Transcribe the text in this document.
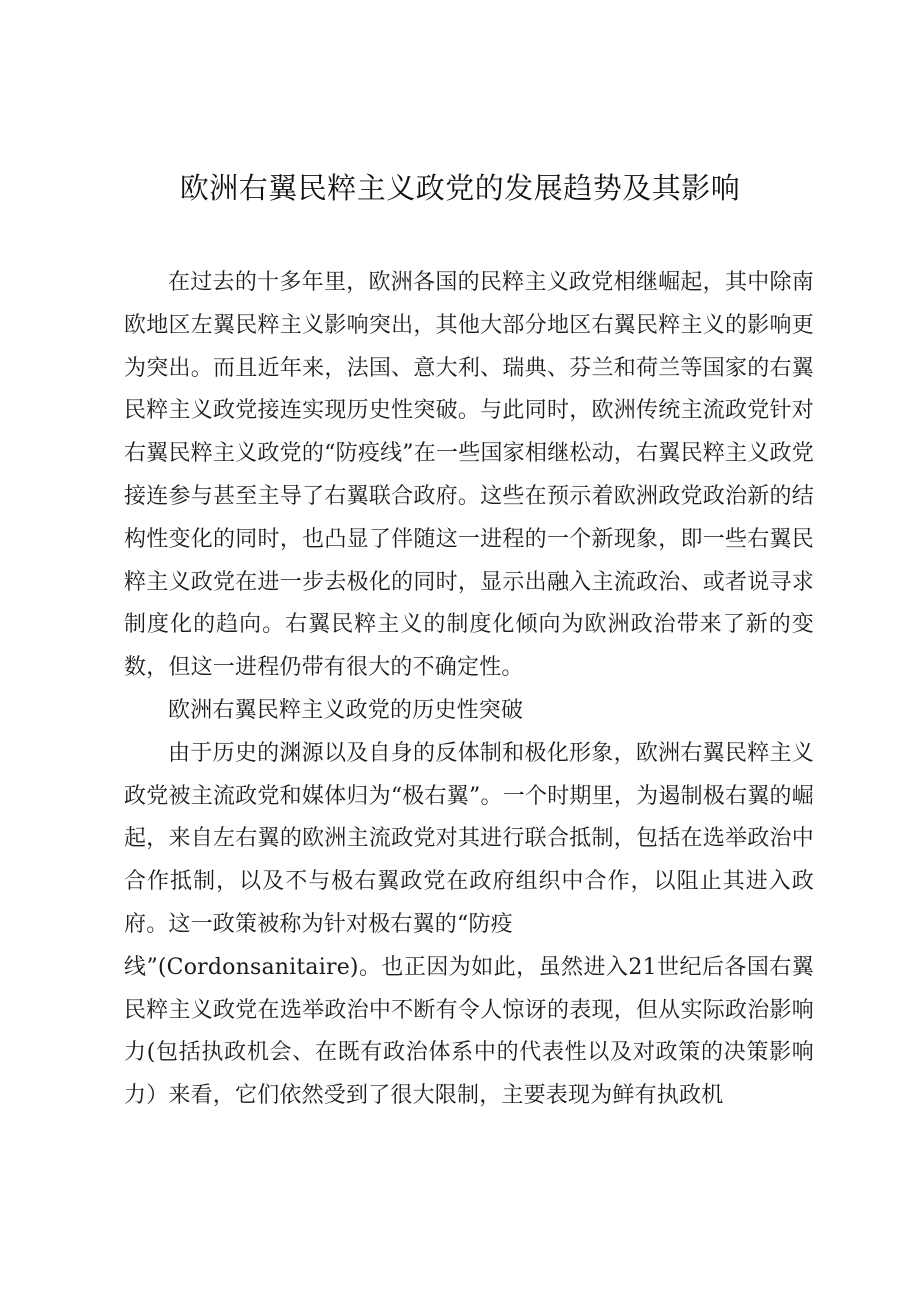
欧洲右翼民粹主义政党的发展趋势及其影响

在过去的十多年里，欧洲各国的民粹主义政党相继崛起，其中除南欧地区左翼民粹主义影响突出，其他大部分地区右翼民粹主义的影响更为突出。而且近年来，法国、意大利、瑞典、芬兰和荷兰等国家的右翼民粹主义政党接连实现历史性突破。与此同时，欧洲传统主流政党针对右翼民粹主义政党的“防疫线”在一些国家相继松动，右翼民粹主义政党接连参与甚至主导了右翼联合政府。这些在预示着欧洲政党政治新的结构性变化的同时，也凸显了伴随这一进程的一个新现象，即一些右翼民粹主义政党在进一步去极化的同时，显示出融入主流政治、或者说寻求制度化的趋向。右翼民粹主义的制度化倾向为欧洲政治带来了新的变数，但这一进程仍带有很大的不确定性。

欧洲右翼民粹主义政党的历史性突破

由于历史的渊源以及自身的反体制和极化形象，欧洲右翼民粹主义政党被主流政党和媒体归为“极右翼”。一个时期里，为遏制极右翼的崛起，来自左右翼的欧洲主流政党对其进行联合抵制，包括在选举政治中合作抵制，以及不与极右翼政党在政府组织中合作，以阻止其进入政府。这一政策被称为针对极右翼的“防疫
线”(Cordonsanitaire)。也正因为如此，虽然进入21世纪后各国右翼民粹主义政党在选举政治中不断有令人惊讶的表现，但从实际政治影响力(包括执政机会、在既有政治体系中的代表性以及对政策的决策影响力）来看，它们依然受到了很大限制，主要表现为鲜有执政机
